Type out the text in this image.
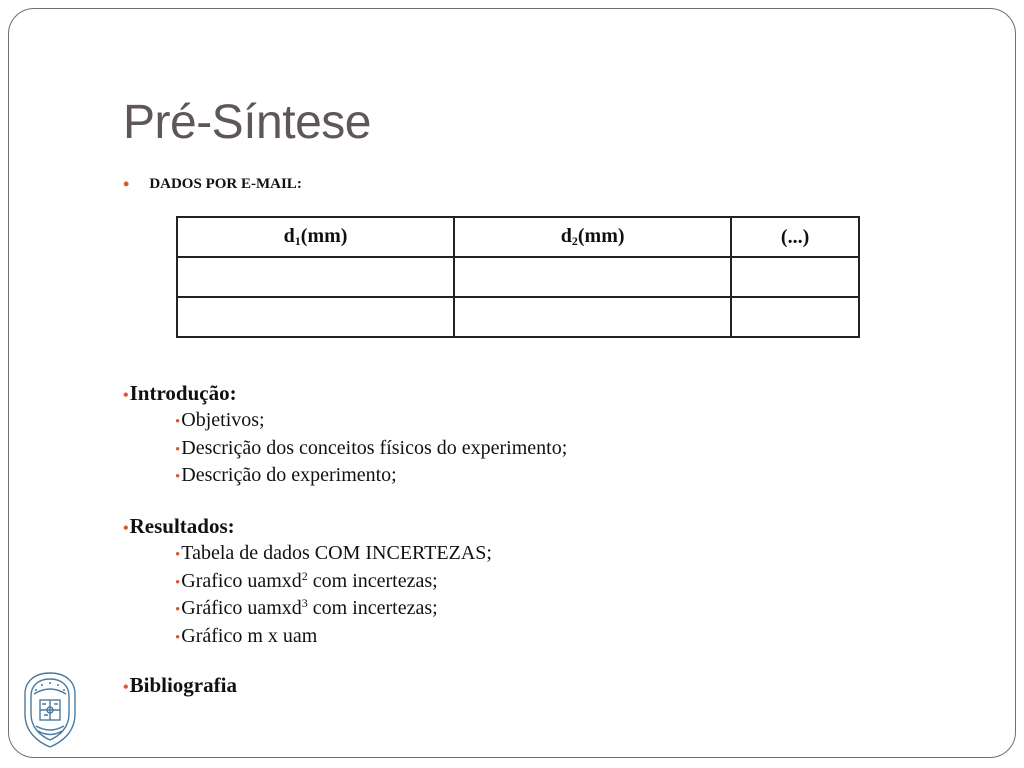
Pré-Síntese
• DADOS POR E-MAIL:
$d_1(mm)$	$d_2(mm)$	(...)

•Introdução:
•Objetivos;
•Descrição dos conceitos físicos do experimento;
•Descrição do experimento;
•Resultados:
•Tabela de dados COM INCERTEZAS;
•Grafico uamxd$^2$ com incertezas;
•Gráfico uamxd$^3$ com incertezas;
•Gráfico m x uam
•Bibliografia
